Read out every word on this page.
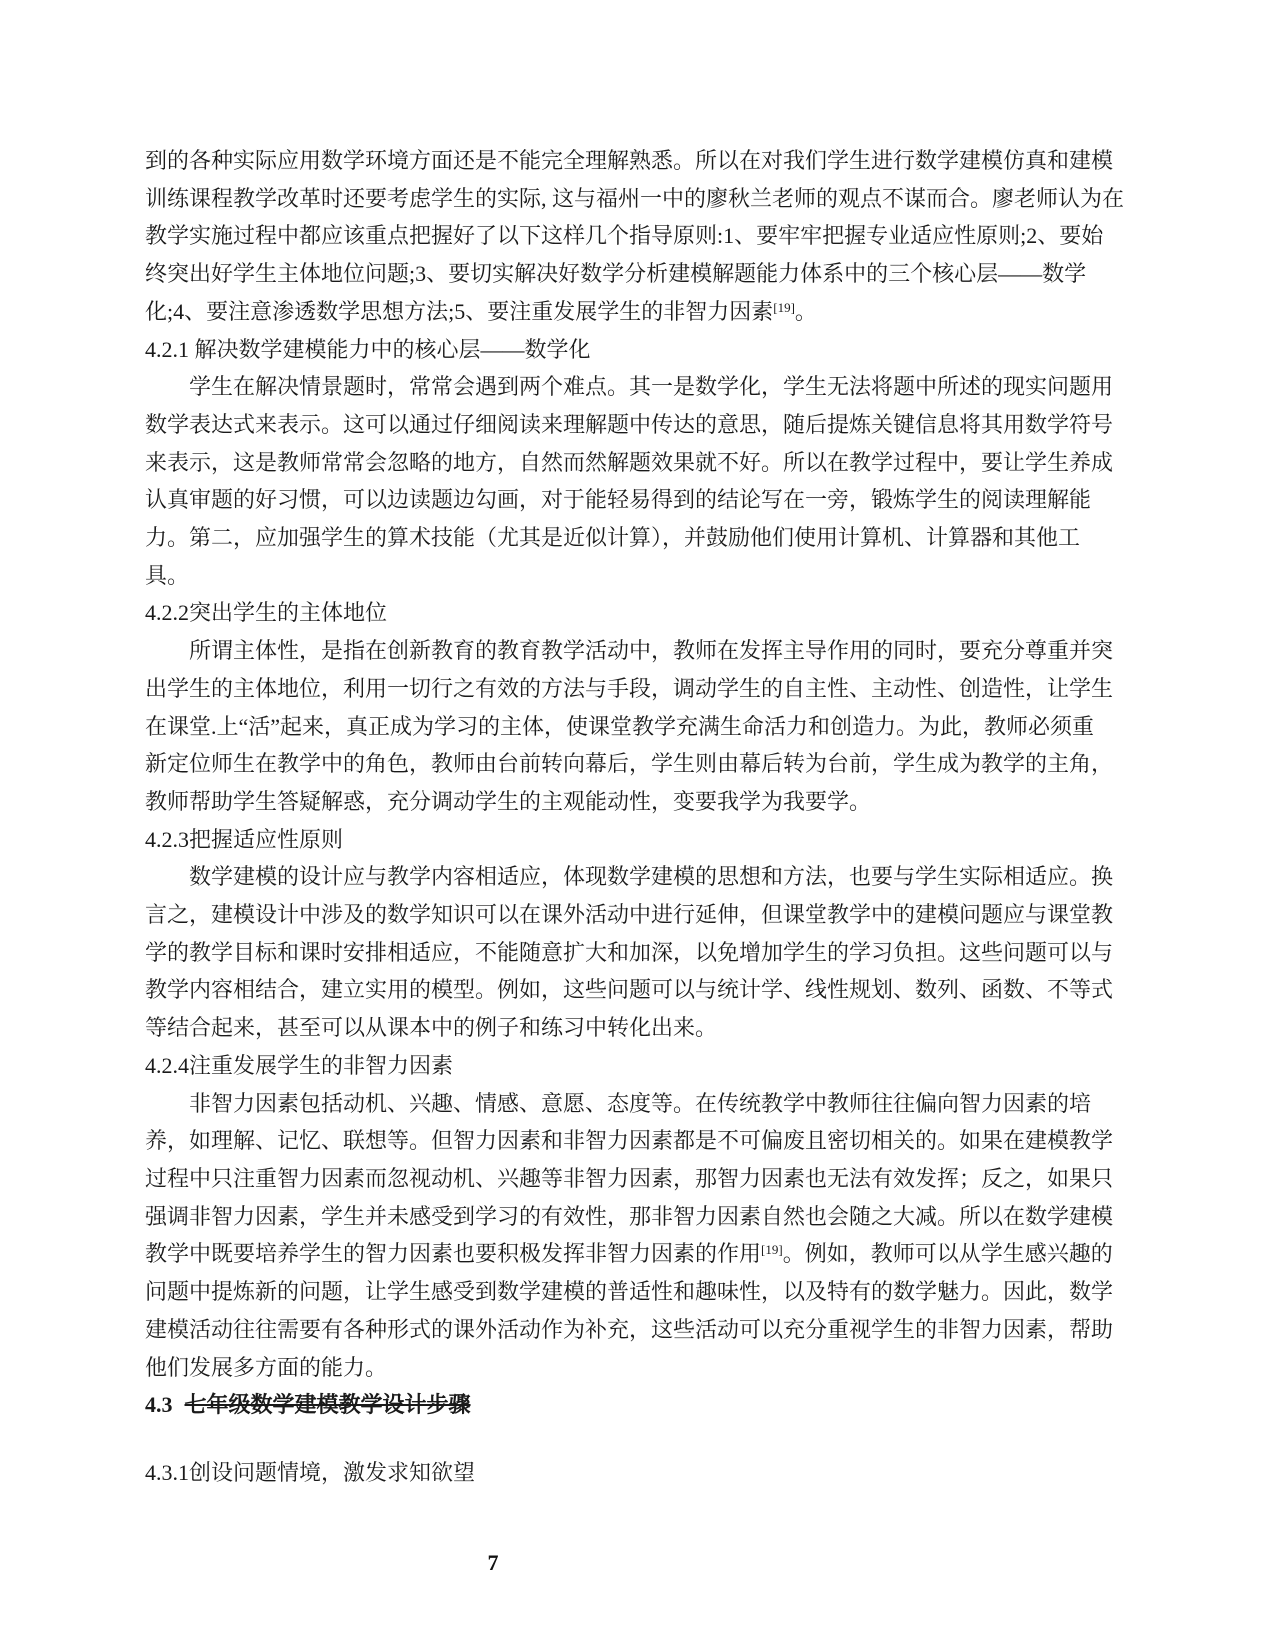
到的各种实际应用数学环境方面还是不能完全理解熟悉。所以在对我们学生进行数学建模仿真和建模
训练课程教学改革时还要考虑学生的实际, 这与福州一中的廖秋兰老师的观点不谋而合。廖老师认为在
教学实施过程中都应该重点把握好了以下这样几个指导原则:1、要牢牢把握专业适应性原则;2、要始
终突出好学生主体地位问题;3、要切实解决好数学分析建模解题能力体系中的三个核心层——数学
化;4、要注意渗透数学思想方法;5、要注重发展学生的非智力因素[19]。
4.2.1 解决数学建模能力中的核心层——数学化
学生在解决情景题时，常常会遇到两个难点。其一是数学化，学生无法将题中所述的现实问题用
数学表达式来表示。这可以通过仔细阅读来理解题中传达的意思，随后提炼关键信息将其用数学符号
来表示，这是教师常常会忽略的地方，自然而然解题效果就不好。所以在教学过程中，要让学生养成
认真审题的好习惯，可以边读题边勾画，对于能轻易得到的结论写在一旁，锻炼学生的阅读理解能
力。第二，应加强学生的算术技能（尤其是近似计算），并鼓励他们使用计算机、计算器和其他工
具。
4.2.2突出学生的主体地位
所谓主体性，是指在创新教育的教育教学活动中，教师在发挥主导作用的同时，要充分尊重并突
出学生的主体地位，利用一切行之有效的方法与手段，调动学生的自主性、主动性、创造性，让学生
在课堂.上“活”起来，真正成为学习的主体，使课堂教学充满生命活力和创造力。为此，教师必须重
新定位师生在教学中的角色，教师由台前转向幕后，学生则由幕后转为台前，学生成为教学的主角，
教师帮助学生答疑解惑，充分调动学生的主观能动性，变要我学为我要学。
4.2.3把握适应性原则
数学建模的设计应与教学内容相适应，体现数学建模的思想和方法，也要与学生实际相适应。换
言之，建模设计中涉及的数学知识可以在课外活动中进行延伸，但课堂教学中的建模问题应与课堂教
学的教学目标和课时安排相适应，不能随意扩大和加深，以免增加学生的学习负担。这些问题可以与
教学内容相结合，建立实用的模型。例如，这些问题可以与统计学、线性规划、数列、函数、不等式
等结合起来，甚至可以从课本中的例子和练习中转化出来。
4.2.4注重发展学生的非智力因素
非智力因素包括动机、兴趣、情感、意愿、态度等。在传统教学中教师往往偏向智力因素的培
养，如理解、记忆、联想等。但智力因素和非智力因素都是不可偏废且密切相关的。如果在建模教学
过程中只注重智力因素而忽视动机、兴趣等非智力因素，那智力因素也无法有效发挥；反之，如果只
强调非智力因素，学生并未感受到学习的有效性，那非智力因素自然也会随之大减。所以在数学建模
教学中既要培养学生的智力因素也要积极发挥非智力因素的作用[19]。例如，教师可以从学生感兴趣的
问题中提炼新的问题，让学生感受到数学建模的普适性和趣味性，以及特有的数学魅力。因此，数学
建模活动往往需要有各种形式的课外活动作为补充，这些活动可以充分重视学生的非智力因素，帮助
他们发展多方面的能力。
4.3 七年级数学建模教学设计步骤
4.3.1创设问题情境，激发求知欲望
7
